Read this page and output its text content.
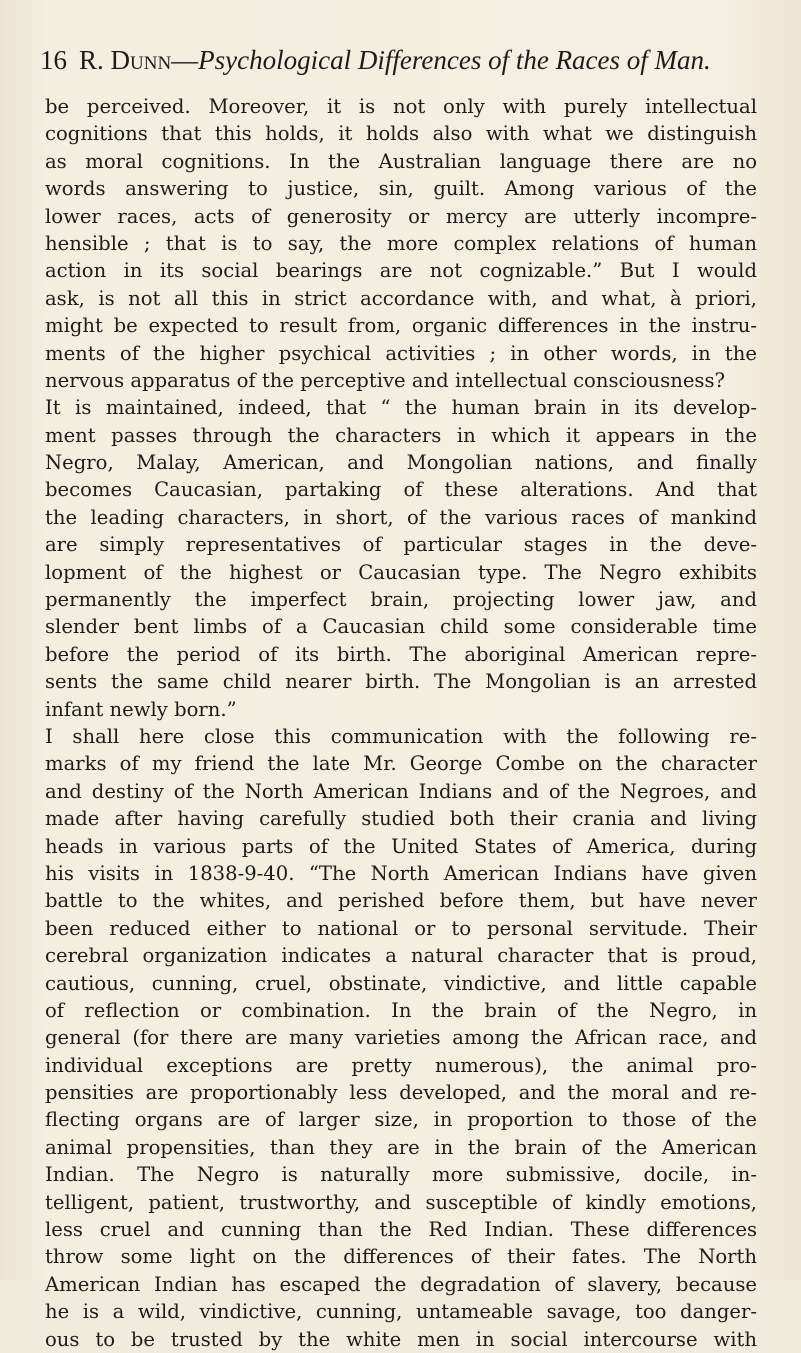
16 R. Dunn—Psychological Differences of the Races of Man.
be perceived. Moreover, it is not only with purely intellectual
cognitions that this holds, it holds also with what we distinguish
as moral cognitions. In the Australian language there are no
words answering to justice, sin, guilt. Among various of the
lower races, acts of generosity or mercy are utterly incompre-
hensible ; that is to say, the more complex relations of human
action in its social bearings are not cognizable.” But I would
ask, is not all this in strict accordance with, and what, à priori,
might be expected to result from, organic differences in the instru-
ments of the higher psychical activities ; in other words, in the
nervous apparatus of the perceptive and intellectual consciousness?
It is maintained, indeed, that “ the human brain in its develop-
ment passes through the characters in which it appears in the
Negro, Malay, American, and Mongolian nations, and finally
becomes Caucasian, partaking of these alterations. And that
the leading characters, in short, of the various races of mankind
are simply representatives of particular stages in the deve-
lopment of the highest or Caucasian type. The Negro exhibits
permanently the imperfect brain, projecting lower jaw, and
slender bent limbs of a Caucasian child some considerable time
before the period of its birth. The aboriginal American repre-
sents the same child nearer birth. The Mongolian is an arrested
infant newly born.”
I shall here close this communication with the following re-
marks of my friend the late Mr. George Combe on the character
and destiny of the North American Indians and of the Negroes, and
made after having carefully studied both their crania and living
heads in various parts of the United States of America, during
his visits in 1838-9-40. “The North American Indians have given
battle to the whites, and perished before them, but have never
been reduced either to national or to personal servitude. Their
cerebral organization indicates a natural character that is proud,
cautious, cunning, cruel, obstinate, vindictive, and little capable
of reflection or combination. In the brain of the Negro, in
general (for there are many varieties among the African race, and
individual exceptions are pretty numerous), the animal pro-
pensities are proportionably less developed, and the moral and re-
flecting organs are of larger size, in proportion to those of the
animal propensities, than they are in the brain of the American
Indian. The Negro is naturally more submissive, docile, in-
telligent, patient, trustworthy, and susceptible of kindly emotions,
less cruel and cunning than the Red Indian. These differences
throw some light on the differences of their fates. The North
American Indian has escaped the degradation of slavery, because
he is a wild, vindictive, cunning, untameable savage, too danger-
ous to be trusted by the white men in social intercourse with
